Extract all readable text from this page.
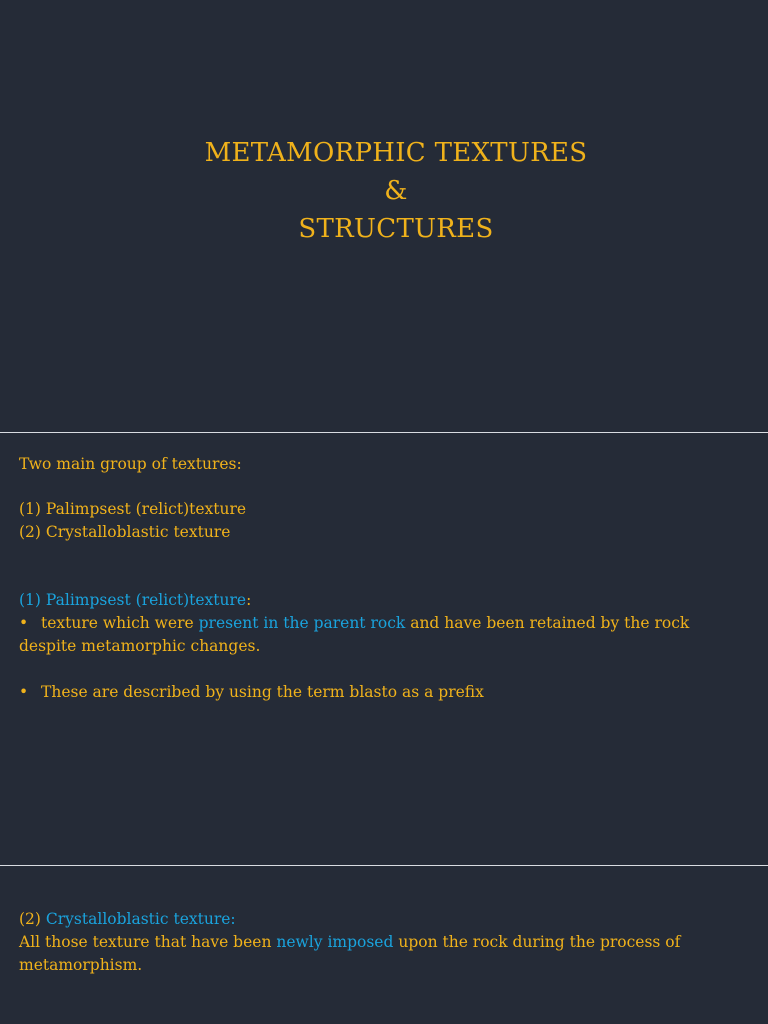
METAMORPHIC TEXTURES
&
STRUCTURES
Two main group of textures:
(1) Palimpsest (relict)texture
(2) Crystalloblastic texture
(1) Palimpsest (relict)texture:
• texture which were present in the parent rock and have been retained by the rock
despite metamorphic changes.
• These are described by using the term blasto as a prefix
(2) Crystalloblastic texture:
All those texture that have been newly imposed upon the rock during the process of
metamorphism.
